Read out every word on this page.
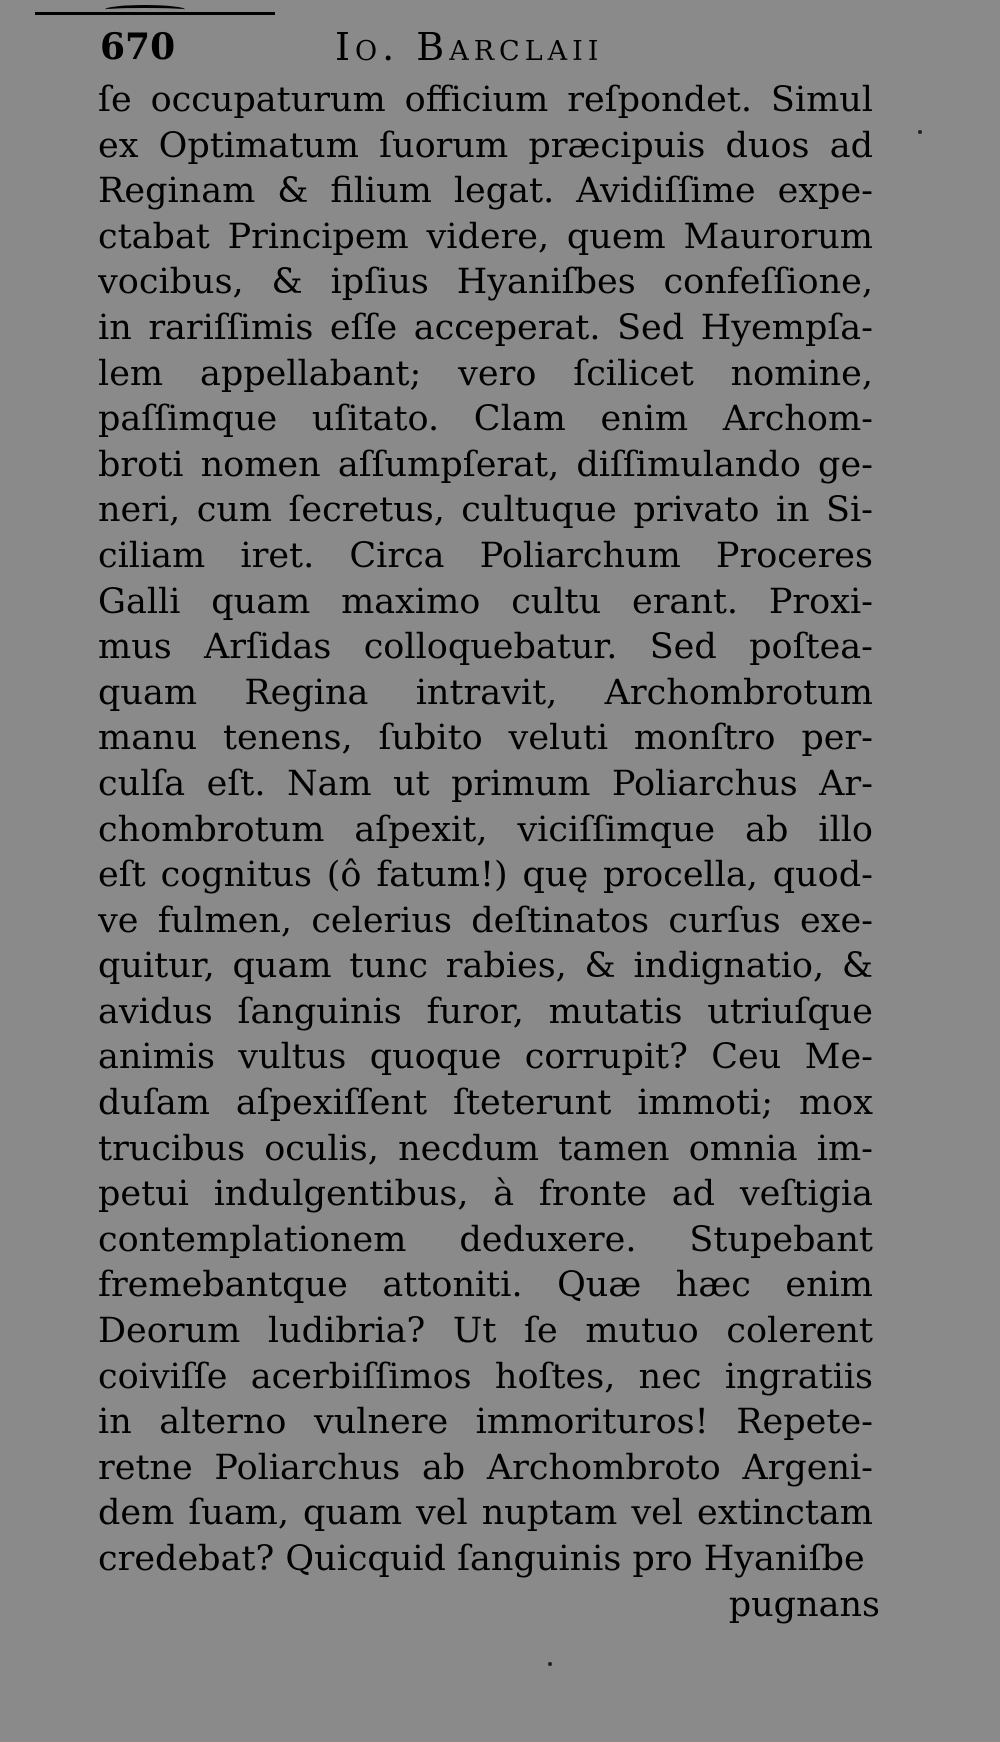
670	Io. Barclaii
ſe occupaturum officium reſpondet. Simul
ex Optimatum ſuorum præcipuis duos ad
Reginam & filium legat. Avidiſſime expe-
ctabat Principem videre, quem Maurorum
vocibus, & ipſius Hyaniſbes confeſſione,
in rariſſimis eſſe acceperat. Sed Hyempſa-
lem appellabant; vero ſcilicet nomine,
paſſimque uſitato. Clam enim Archom-
broti nomen aſſumpſerat, diſſimulando ge-
neri, cum ſecretus, cultuque privato in Si-
ciliam iret. Circa Poliarchum Proceres
Galli quam maximo cultu erant. Proxi-
mus Arſidas colloquebatur. Sed poſtea-
quam Regina intravit, Archombrotum
manu tenens, ſubito veluti monſtro per-
culſa eſt. Nam ut primum Poliarchus Ar-
chombrotum aſpexit, viciſſimque ab illo
eſt cognitus (ô fatum!) quę procella, quod-
ve fulmen, celerius deſtinatos curſus exe-
quitur, quam tunc rabies, & indignatio, &
avidus ſanguinis furor, mutatis utriuſque
animis vultus quoque corrupit? Ceu Me-
duſam aſpexiſſent ſteterunt immoti; mox
trucibus oculis, necdum tamen omnia im-
petui indulgentibus, à fronte ad veſtigia
contemplationem deduxere. Stupebant
fremebantque attoniti. Quæ hæc enim
Deorum ludibria? Ut ſe mutuo colerent
coiviſſe acerbiſſimos hoſtes, nec ingratiis
in alterno vulnere immorituros! Repete-
retne Poliarchus ab Archombroto Argeni-
dem ſuam, quam vel nuptam vel extinctam
credebat? Quicquid ſanguinis pro Hyaniſbe
pugnans
